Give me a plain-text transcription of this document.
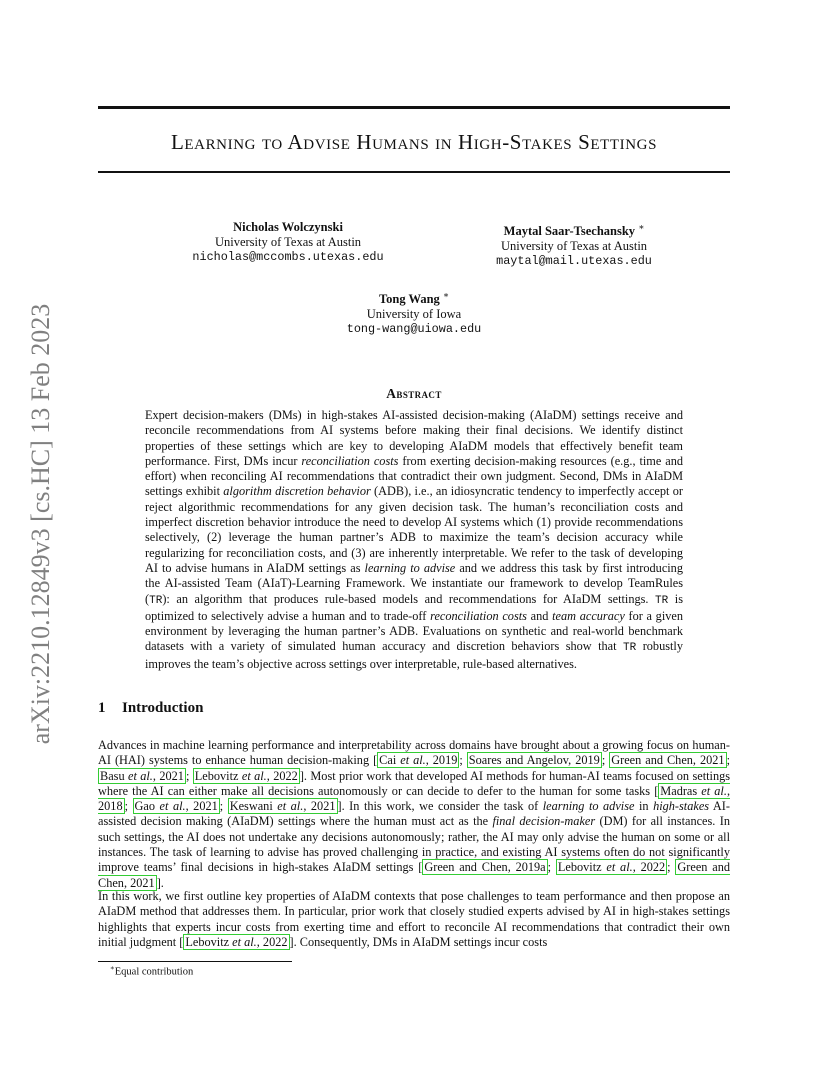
arXiv:2210.12849v3 [cs.HC] 13 Feb 2023
Learning to Advise Humans in High-Stakes Settings
Nicholas Wolczynski
University of Texas at Austin
nicholas@mccombs.utexas.edu
Maytal Saar-Tsechansky ∗
University of Texas at Austin
maytal@mail.utexas.edu
Tong Wang ∗
University of Iowa
tong-wang@uiowa.edu
Abstract

Expert decision-makers (DMs) in high-stakes AI-assisted decision-making (AIaDM) settings receive and reconcile recommendations from AI systems before making their final decisions. We identify distinct properties of these settings which are key to developing AIaDM models that effectively benefit team performance. First, DMs incur reconciliation costs from exerting decision-making resources (e.g., time and effort) when reconciling AI recommendations that contradict their own judgment. Second, DMs in AIaDM settings exhibit algorithm discretion behavior (ADB), i.e., an idiosyncratic tendency to imperfectly accept or reject algorithmic recommendations for any given decision task. The human’s reconciliation costs and imperfect discretion behavior introduce the need to develop AI systems which (1) provide recommendations selectively, (2) leverage the human partner’s ADB to maximize the team’s decision accuracy while regularizing for reconciliation costs, and (3) are inherently interpretable. We refer to the task of developing AI to advise humans in AIaDM settings as learning to advise and we address this task by first introducing the AI-assisted Team (AIaT)-Learning Framework. We instantiate our framework to develop TeamRules (TR): an algorithm that produces rule-based models and recommendations for AIaDM settings. TR is optimized to selectively advise a human and to trade-off reconciliation costs and team accuracy for a given environment by leveraging the human partner’s ADB. Evaluations on synthetic and real-world benchmark datasets with a variety of simulated human accuracy and discretion behaviors show that TR robustly improves the team’s objective across settings over interpretable, rule-based alternatives.

1 Introduction

Advances in machine learning performance and interpretability across domains have brought about a growing focus on human-AI (HAI) systems to enhance human decision-making [ Cai et al., 2019 ; Soares and Angelov, 2019 ; Green and Chen, 2021 ; Basu et al., 2021 ; Lebovitz et al., 2022 ]. Most prior work that developed AI methods for human-AI teams focused on settings where the AI can either make all decisions autonomously or can decide to defer to the human for some tasks [ Madras et al., 2018 ; Gao et al., 2021 ; Keswani et al., 2021 ]. In this work, we consider the task of learning to advise in high-stakes AI-assisted decision making (AIaDM) settings where the human must act as the final decision-maker (DM) for all instances. In such settings, the AI does not undertake any decisions autonomously; rather, the AI may only advise the human on some or all instances. The task of learning to advise has proved challenging in practice, and existing AI systems often do not significantly improve teams’ final decisions in high-stakes AIaDM settings [ Green and Chen, 2019a ; Lebovitz et al., 2022 ; Green and Chen, 2021 ].

In this work, we first outline key properties of AIaDM contexts that pose challenges to team performance and then propose an AIaDM method that addresses them. In particular, prior work that closely studied experts advised by AI in high-stakes settings highlights that experts incur costs from exerting time and effort to reconcile AI recommendations that contradict their own initial judgment [ Lebovitz et al., 2022 ]. Consequently, DMs in AIaDM settings incur costs

∗Equal contribution
